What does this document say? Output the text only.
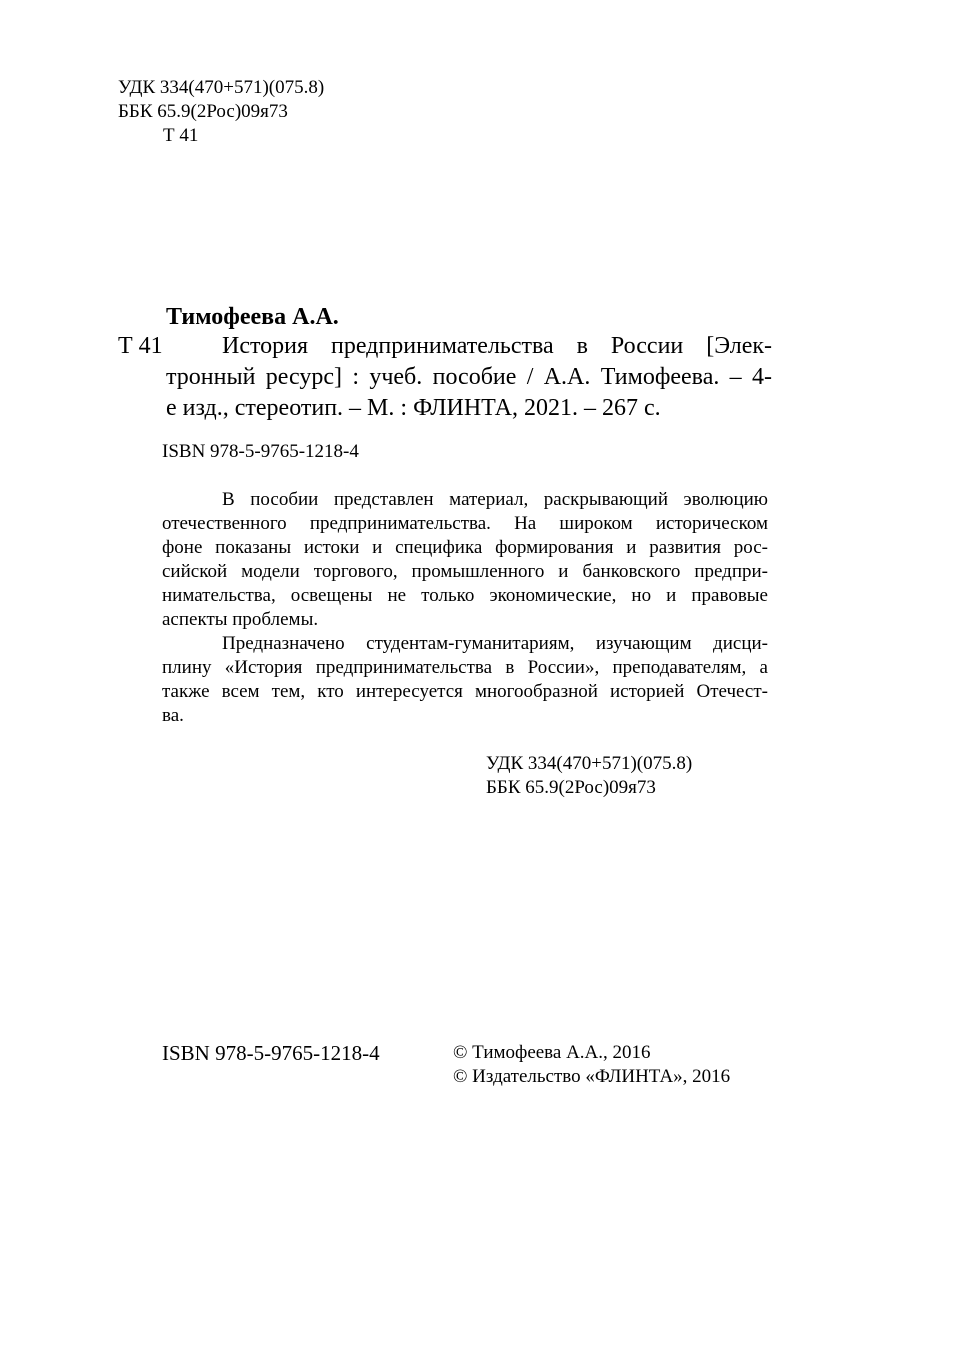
УДК 334(470+571)(075.8)
ББК 65.9(2Рос)09я73
Т 41
Тимофеева А.А.
Т 41	История предпринимательства в России [Элек-
тронный ресурс] : учеб. пособие / А.А. Тимофеева. – 4-
е изд., стереотип. – М. : ФЛИНТА, 2021. – 267 с.
ISBN 978-5-9765-1218-4
В пособии представлен материал, раскрывающий эволюцию
отечественного предпринимательства. На широком историческом
фоне показаны истоки и специфика формирования и развития рос-
сийской модели торгового, промышленного и банковского предпри-
нимательства, освещены не только экономические, но и правовые
аспекты проблемы.
Предназначено студентам-гуманитариям, изучающим дисци-
плину «История предпринимательства в России», преподавателям, а
также всем тем, кто интересуется многообразной историей Отечест-
ва.
УДК 334(470+571)(075.8)
ББК 65.9(2Рос)09я73
ISBN 978-5-9765-1218-4	© Тимофеева А.А., 2016
© Издательство «ФЛИНТА», 2016
